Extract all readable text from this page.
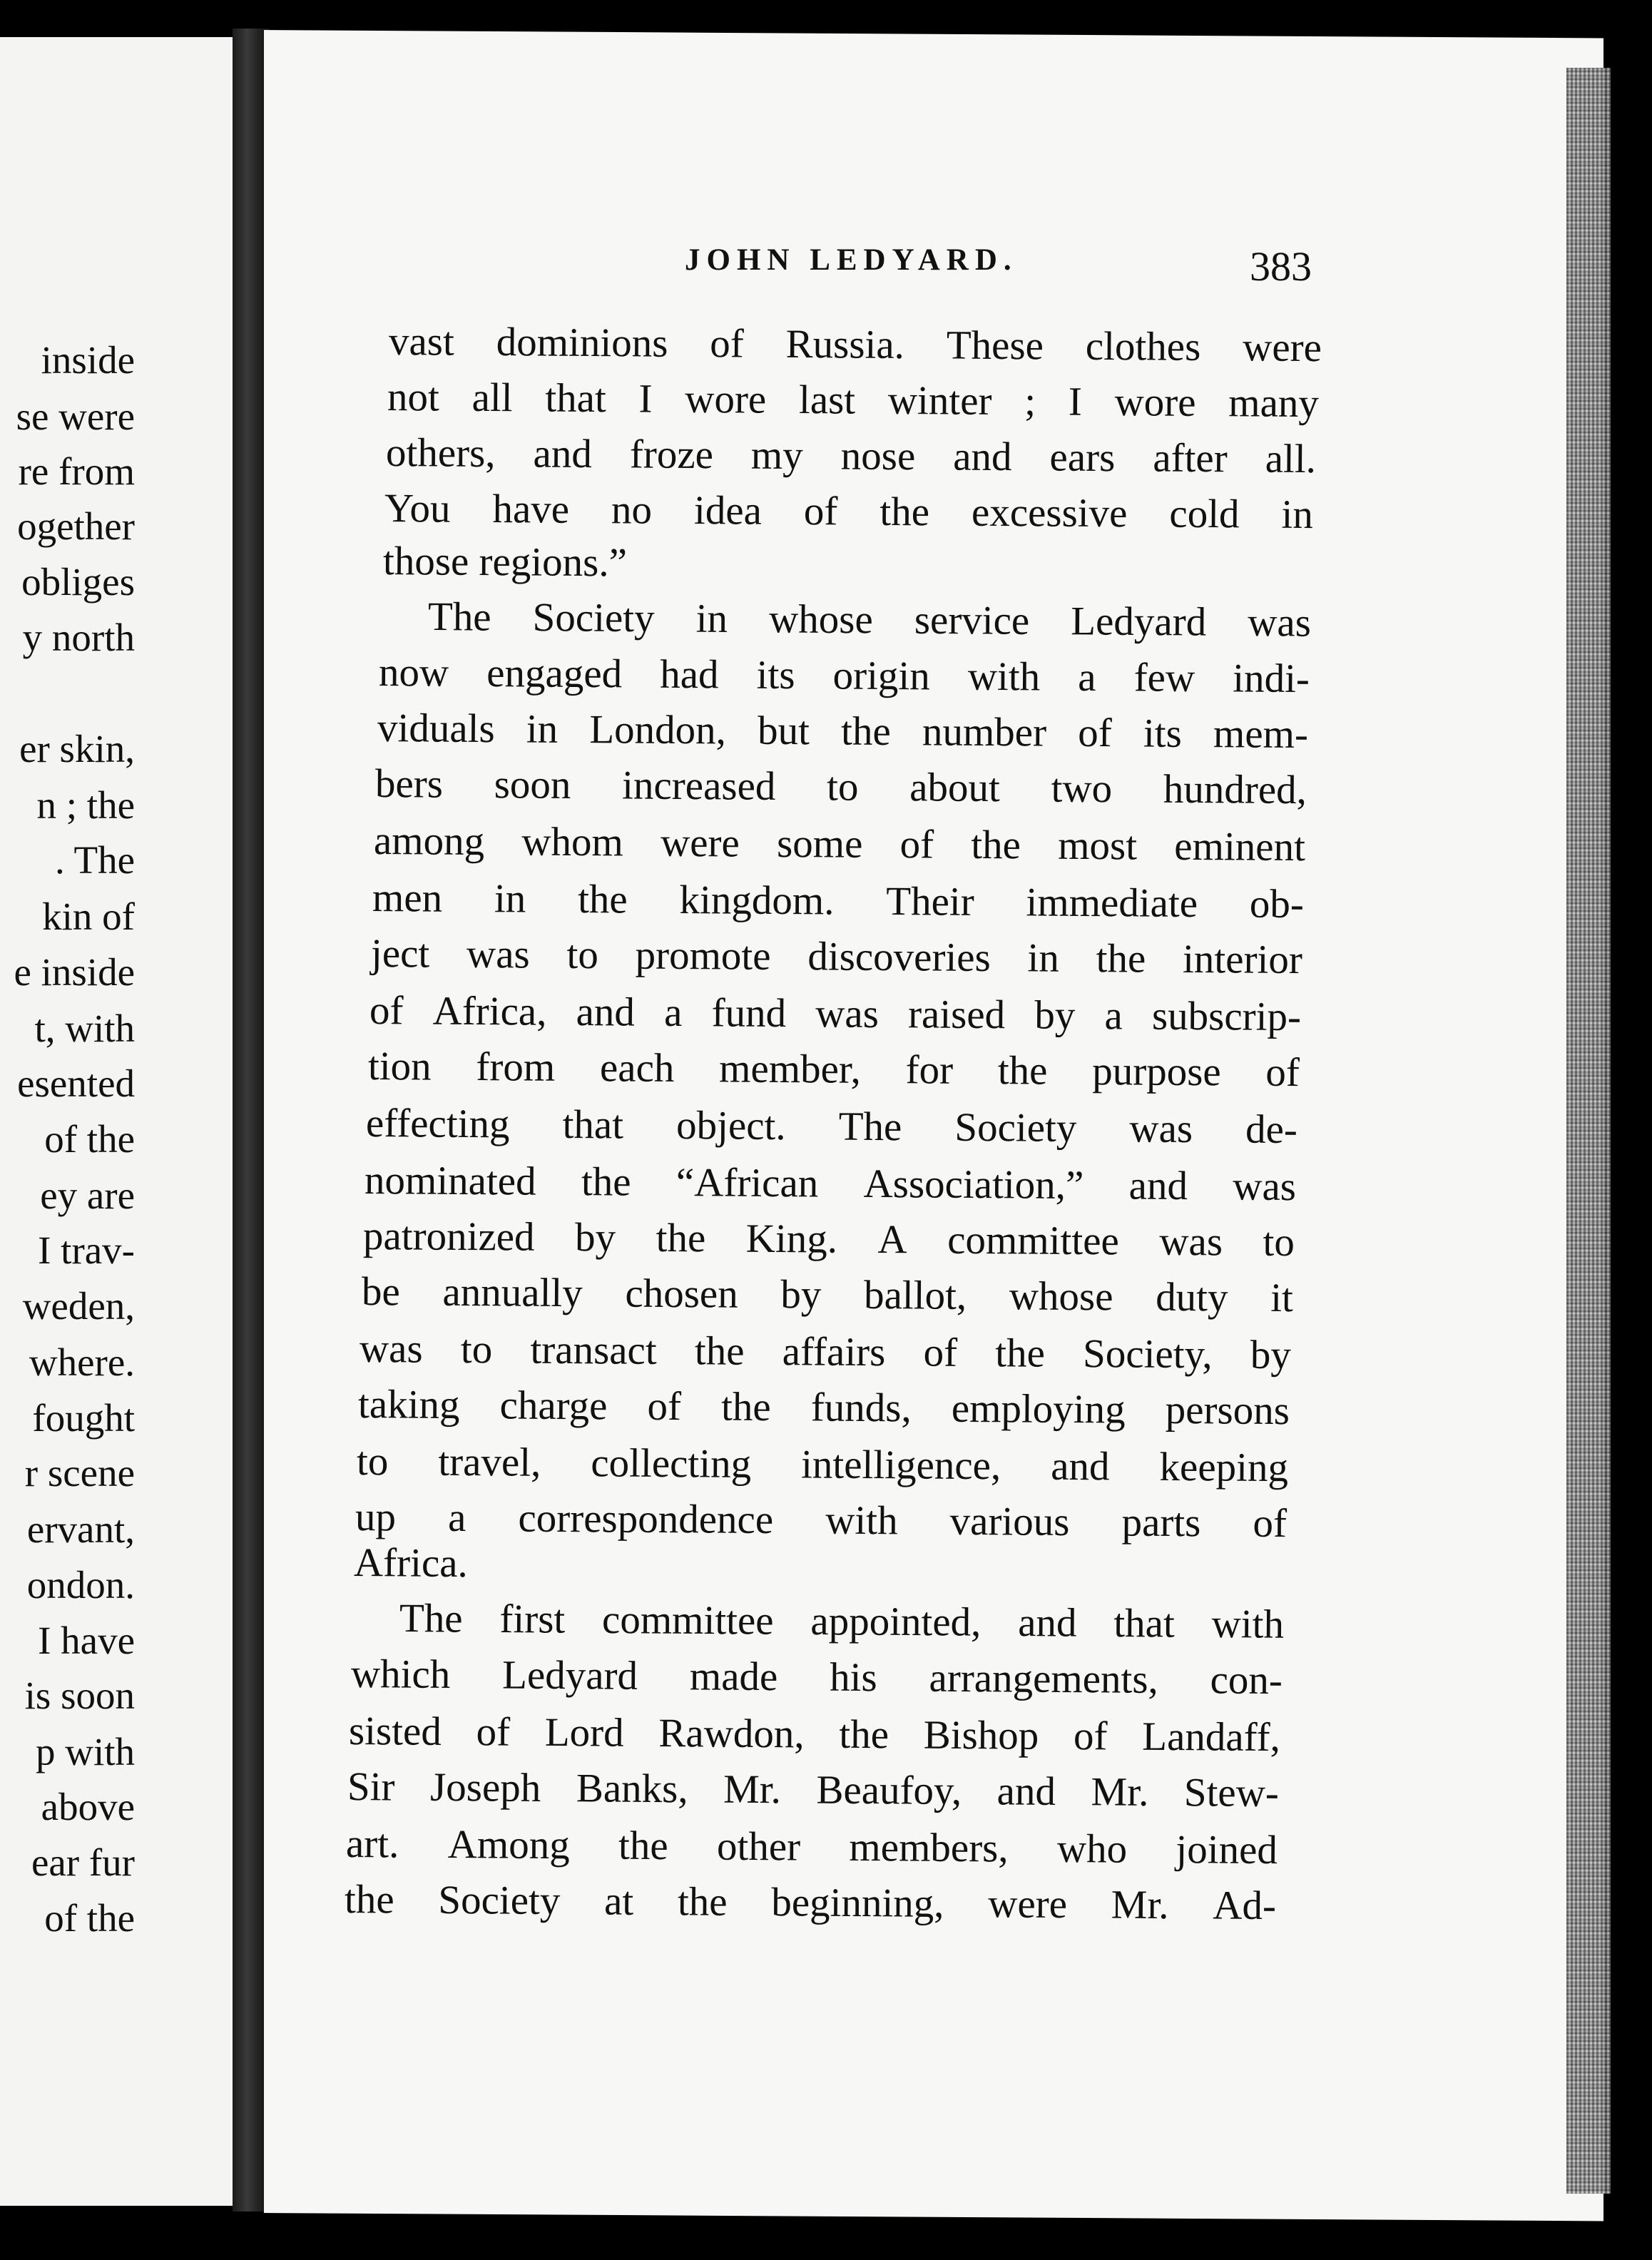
inside
se were
re from
ogether
obliges
y north
er skin,
n ; the
. The
kin of
e inside
t, with
esented
of the
ey are
I trav-
weden,
where.
fought
r scene
ervant,
ondon.
I have
is soon
p with
above
ear fur
of the
JOHN LEDYARD.	383
vast dominions of Russia. These clothes were
not all that I wore last winter ; I wore many
others, and froze my nose and ears after all.
You have no idea of the excessive cold in
those regions.”
The Society in whose service Ledyard was
now engaged had its origin with a few indi-
viduals in London, but the number of its mem-
bers soon increased to about two hundred,
among whom were some of the most eminent
men in the kingdom. Their immediate ob-
ject was to promote discoveries in the interior
of Africa, and a fund was raised by a subscrip-
tion from each member, for the purpose of
effecting that object. The Society was de-
nominated the “African Association,” and was
patronized by the King. A committee was to
be annually chosen by ballot, whose duty it
was to transact the affairs of the Society, by
taking charge of the funds, employing persons
to travel, collecting intelligence, and keeping
up a correspondence with various parts of
Africa.
The first committee appointed, and that with
which Ledyard made his arrangements, con-
sisted of Lord Rawdon, the Bishop of Landaff,
Sir Joseph Banks, Mr. Beaufoy, and Mr. Stew-
art. Among the other members, who joined
the Society at the beginning, were Mr. Ad-
